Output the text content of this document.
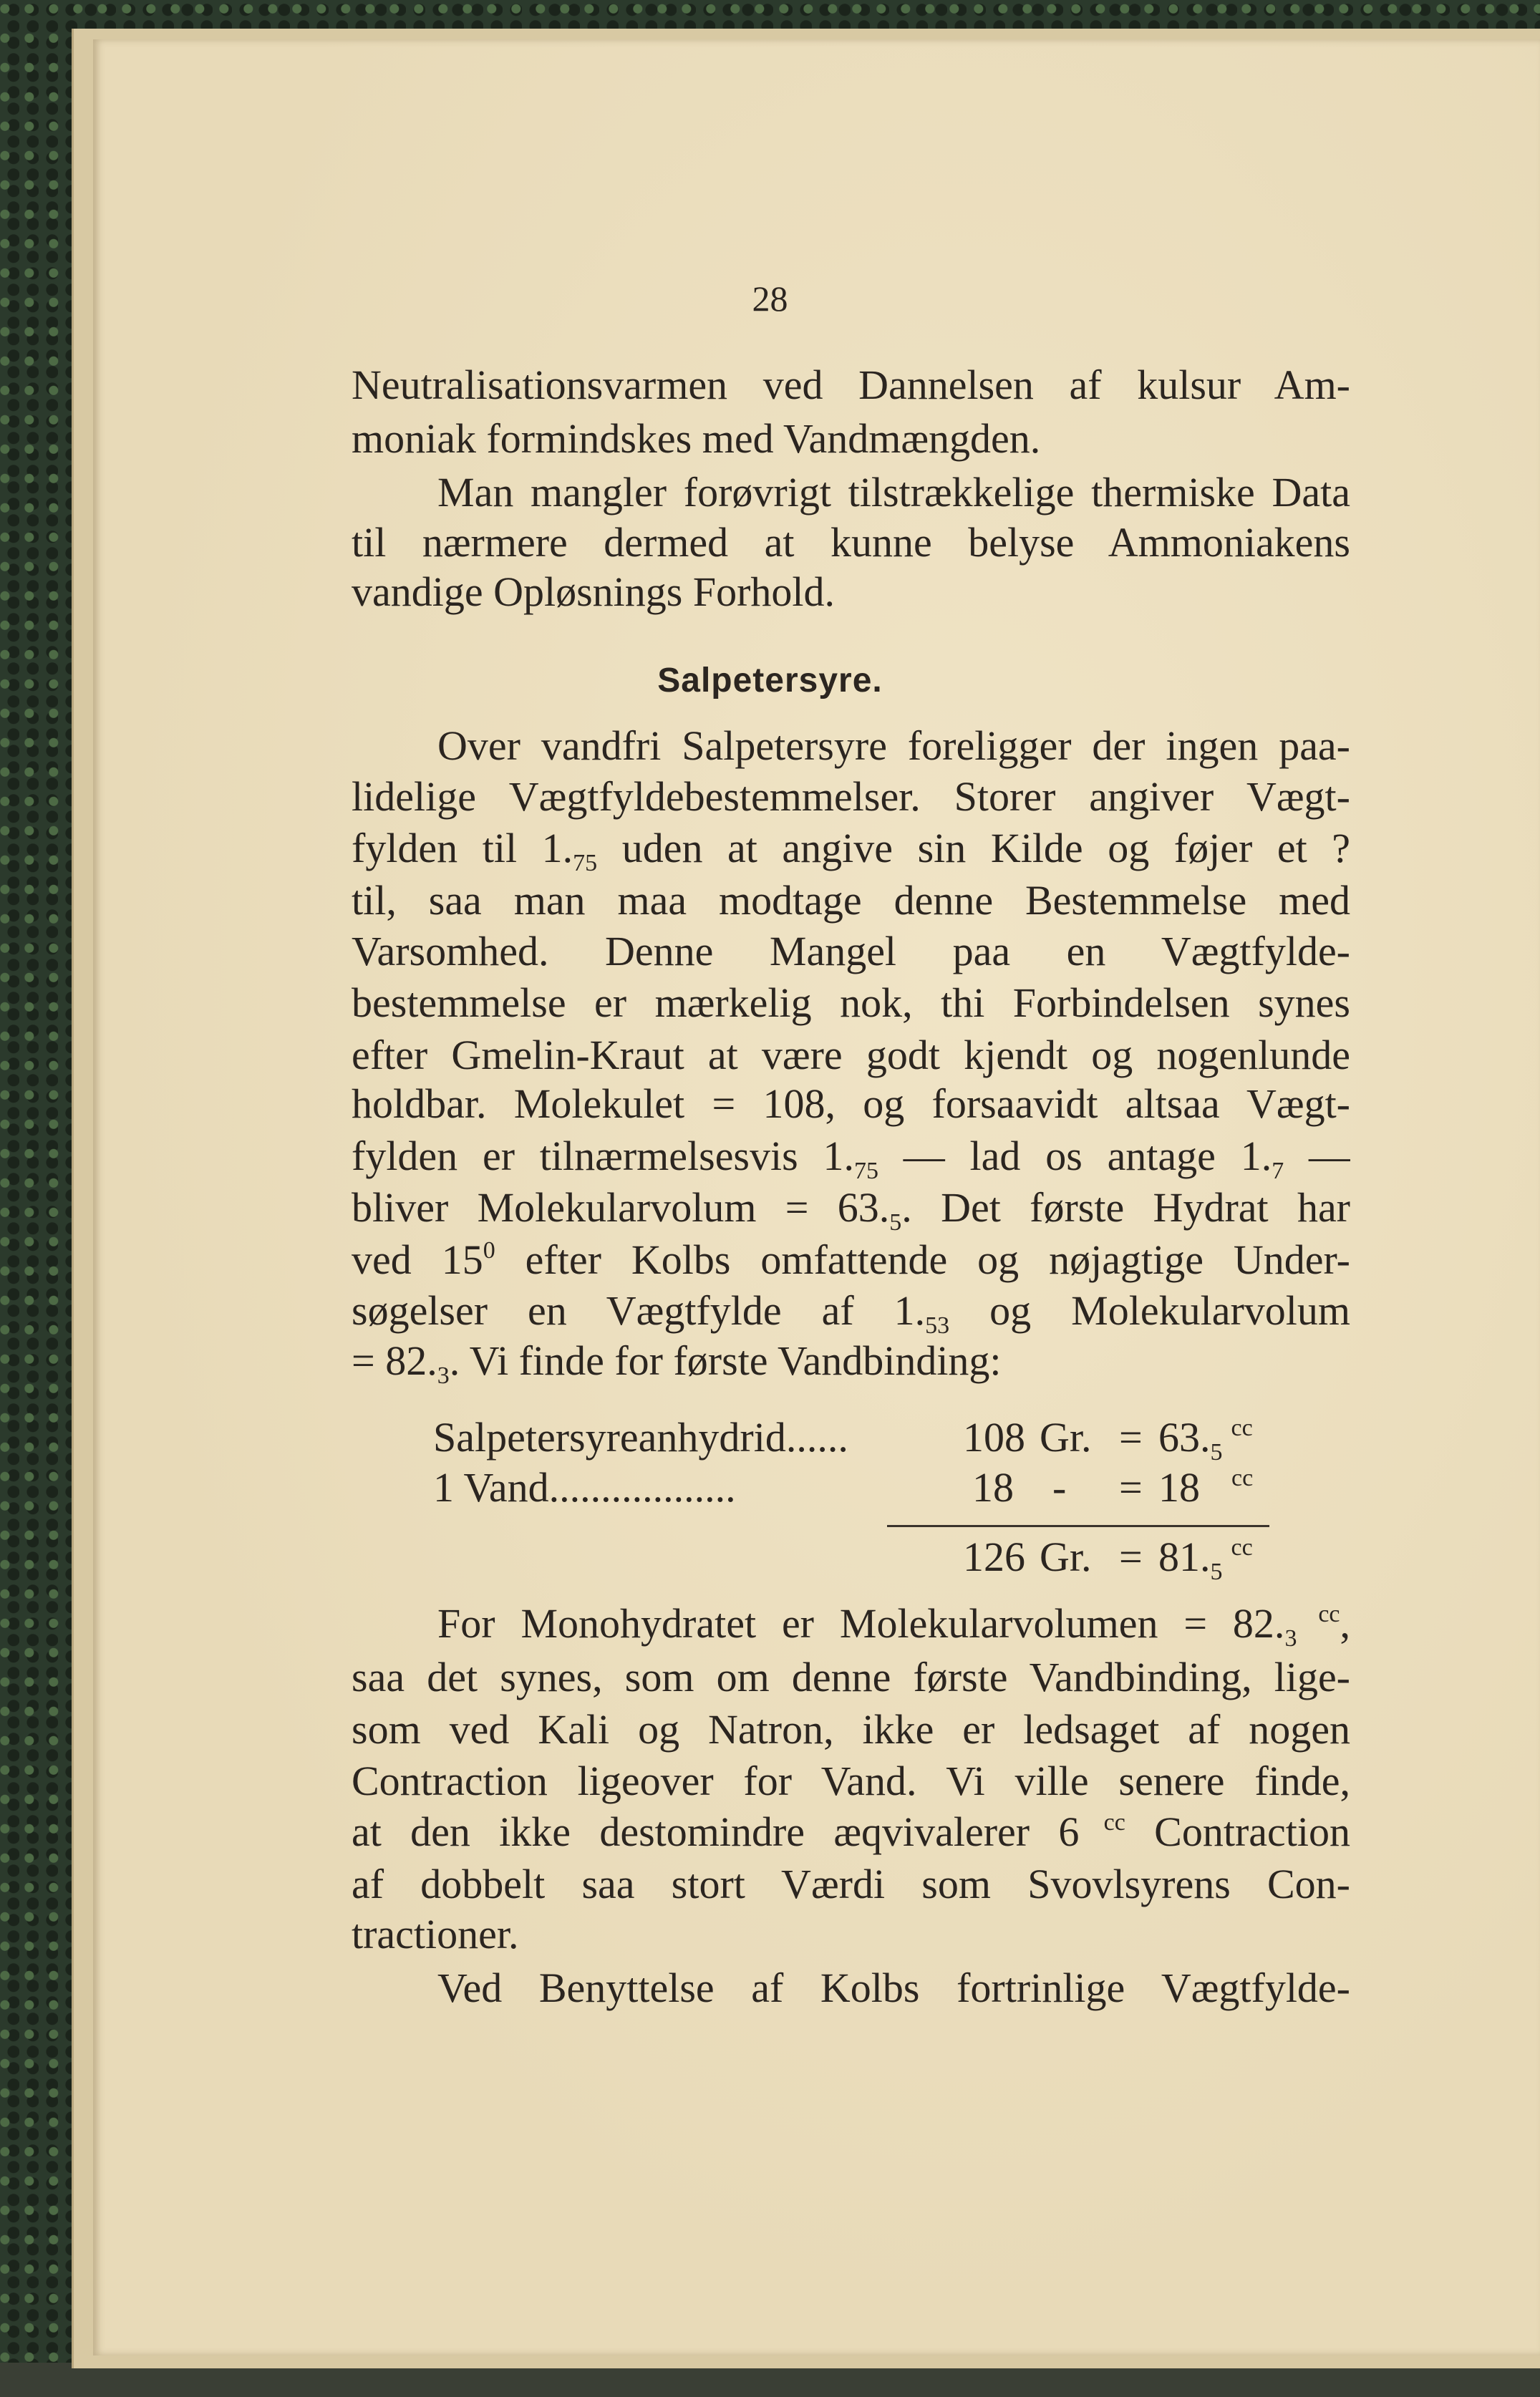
28
Neutralisationsvarmen ved Dannelsen af kulsur Am-
moniak formindskes med Vandmængden.
Man mangler forøvrigt tilstrækkelige thermiske Data
til nærmere dermed at kunne belyse Ammoniakens
vandige Opløsnings Forhold.
Salpetersyre.
Over vandfri Salpetersyre foreligger der ingen paa-
lidelige Vægtfyldebestemmelser. Storer angiver Vægt-
fylden til $1._{75}$ uden at angive sin Kilde og føjer et ?
til, saa man maa modtage denne Bestemmelse med
Varsomhed. Denne Mangel paa en Vægtfylde-
bestemmelse er mærkelig nok, thi Forbindelsen synes
efter Gmelin-Kraut at være godt kjendt og nogenlunde
holdbar. Molekulet = 108, og forsaavidt altsaa Vægt-
fylden er tilnærmelsesvis $1._{75}$ — lad os antage $1._7$ —
bliver Molekularvolum = $63._5$. Det første Hydrat har
ved $15^0$ efter Kolbs omfattende og nøjagtige Under-
søgelser en Vægtfylde af $1._{53}$ og Molekularvolum
= $82._3$. Vi finde for første Vandbinding:
Salpetersyreanhydrid......	108 Gr. = $63._5^{cc}$
1 Vand..................	18 - = 18 $^{cc}$
126 Gr. = $81._5^{cc}$
For Monohydratet er Molekularvolumen = $82._3$ $^{cc}$,
saa det synes, som om denne første Vandbinding, lige-
som ved Kali og Natron, ikke er ledsaget af nogen
Contraction ligeover for Vand. Vi ville senere finde,
at den ikke destomindre æqvivalerer 6 $^{cc}$ Contraction
af dobbelt saa stort Værdi som Svovlsyrens Con-
tractioner.
Ved Benyttelse af Kolbs fortrinlige Vægtfylde-
